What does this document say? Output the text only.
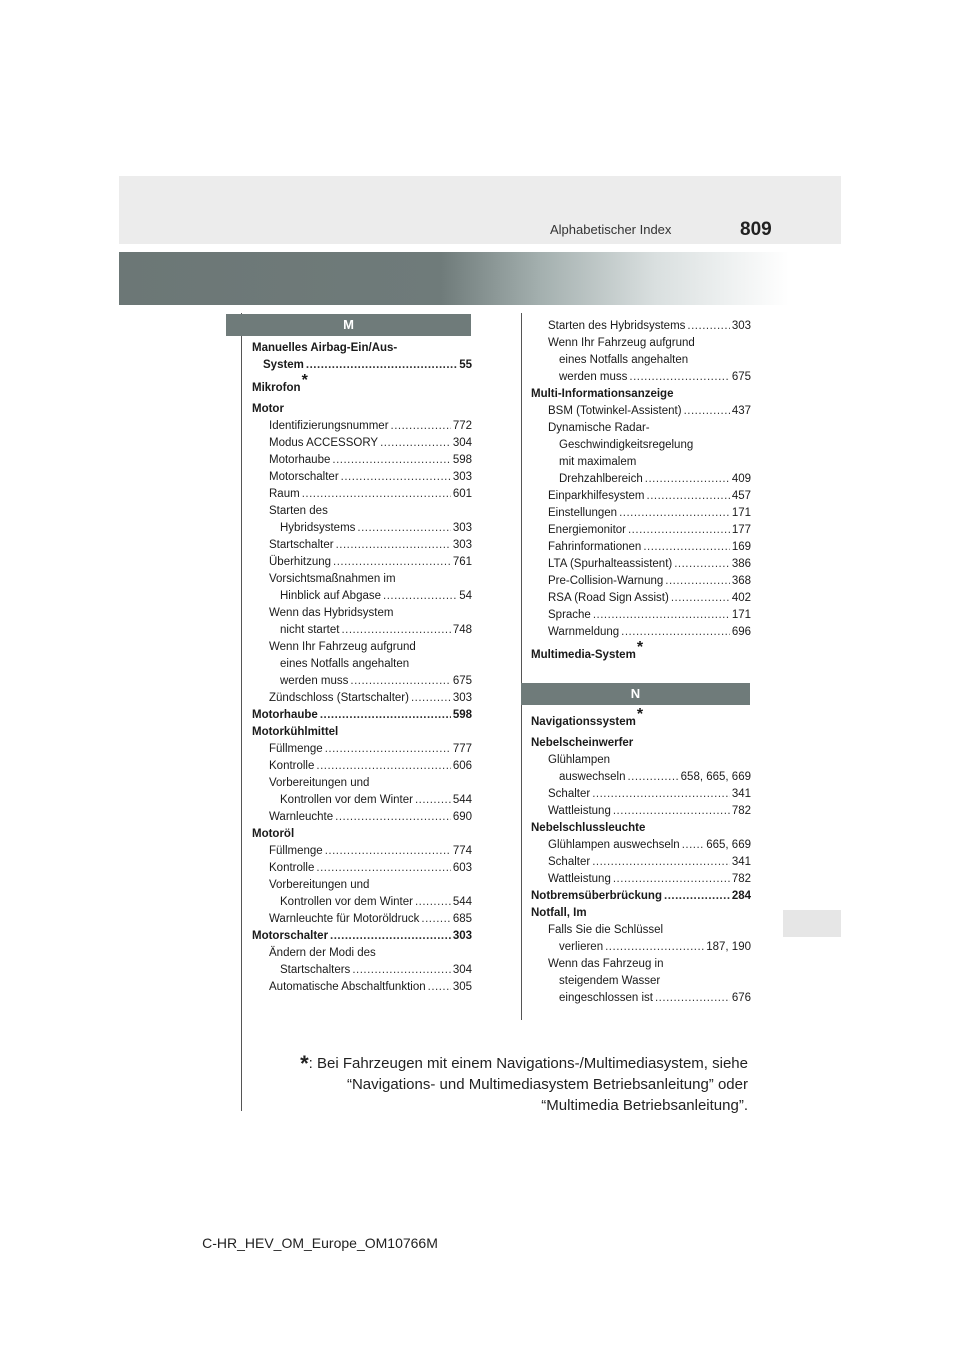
Alphabetischer Index	809
M
N
Manuelles Airbag-Ein/Aus-
System .....	55
Mikrofon *
Motor
Identifizierungsnummer .....	772
Modus ACCESSORY .....	304
Motorhaube .....	598
Motorschalter .....	303
Raum .....	601
Starten des
Hybridsystems .....	303
Startschalter .....	303
Überhitzung .....	761
Vorsichtsmaßnahmen im
Hinblick auf Abgase .....	54
Wenn das Hybridsystem
nicht startet .....	748
Wenn Ihr Fahrzeug aufgrund
eines Notfalls angehalten
werden muss .....	675
Zündschloss (Startschalter) .....	303
Motorhaube .....	598
Motorkühlmittel
Füllmenge .....	777
Kontrolle .....	606
Vorbereitungen und
Kontrollen vor dem Winter .....	544
Warnleuchte .....	690
Motoröl
Füllmenge .....	774
Kontrolle .....	603
Vorbereitungen und
Kontrollen vor dem Winter .....	544
Warnleuchte für Motoröldruck .....	685
Motorschalter .....	303
Ändern der Modi des
Startschalters .....	304
Automatische Abschaltfunktion ..... 305
Starten des Hybridsystems .....	303
Wenn Ihr Fahrzeug aufgrund
eines Notfalls angehalten
werden muss .....	675
Multi-Informationsanzeige
BSM (Totwinkel-Assistent) .....	437
Dynamische Radar-
Geschwindigkeitsregelung
mit maximalem
Drehzahlbereich .....	409
Einparkhilfesystem .....	457
Einstellungen .....	171
Energiemonitor .....	177
Fahrinformationen .....	169
LTA (Spurhalteassistent) .....	386
Pre-Collision-Warnung .....	368
RSA (Road Sign Assist) .....	402
Sprache .....	171
Warnmeldung .....	696
Multimedia-System *
Navigationssystem *
Nebelscheinwerfer
Glühlampen
auswechseln .....	658, 665, 669
Schalter .....	341
Wattleistung .....	782
Nebelschlussleuchte
Glühlampen auswechseln ..... 665, 669
Schalter .....	341
Wattleistung .....	782
Notbremsüberbrückung .....	284
Notfall, Im
Falls Sie die Schlüssel
verlieren .....	187, 190
Wenn das Fahrzeug in
steigendem Wasser
eingeschlossen ist .....	676
*: Bei Fahrzeugen mit einem Navigations-/Multimediasystem, siehe
“Navigations- und Multimediasystem Betriebsanleitung” oder
“Multimedia Betriebsanleitung”.
C-HR_HEV_OM_Europe_OM10766M
